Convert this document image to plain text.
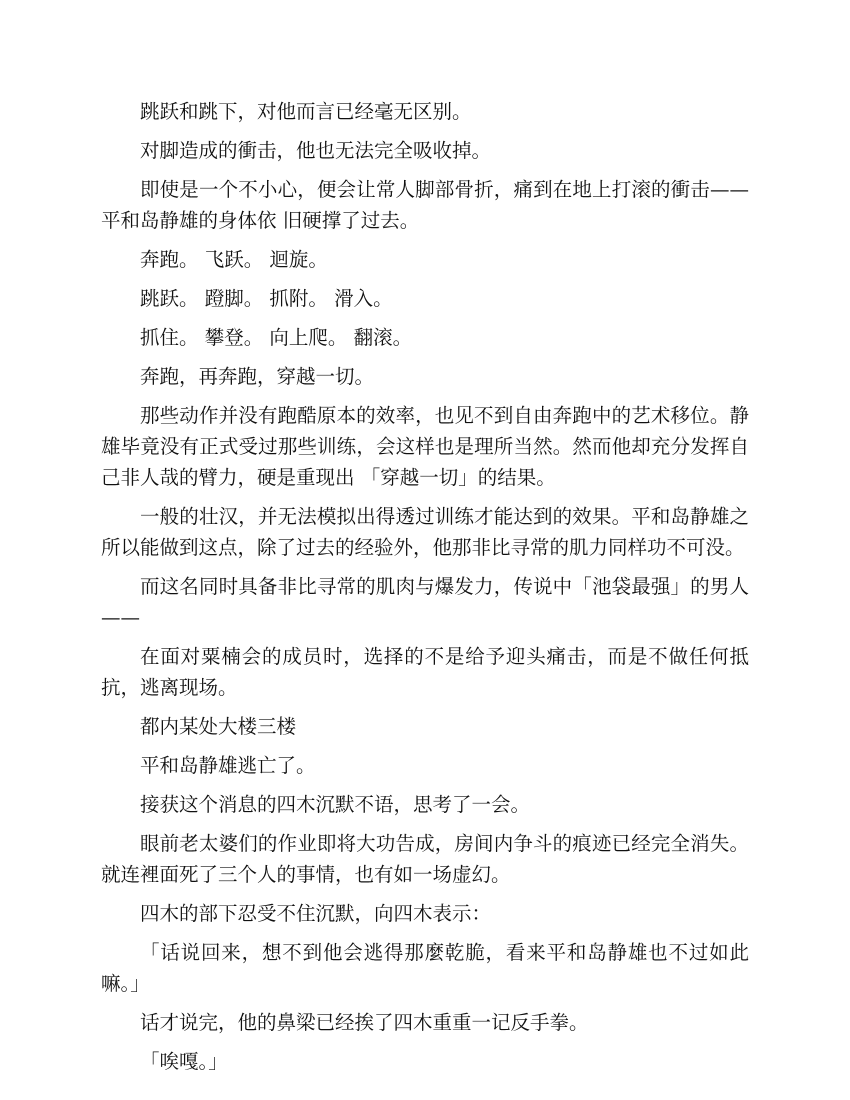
跳跃和跳下，对他而言已经毫无区别。

对脚造成的衝击，他也无法完全吸收掉。

即使是一个不小心，便会让常人脚部骨折，痛到在地上打滚的衝击——平和岛静雄的身体依 旧硬撑了过去。

奔跑。 飞跃。 迴旋。

跳跃。 蹬脚。 抓附。 滑入。

抓住。 攀登。 向上爬。 翻滚。

奔跑，再奔跑，穿越一切。

那些动作并没有跑酷原本的效率，也见不到自由奔跑中的艺术移位。静雄毕竟没有正式受过那些训练，会这样也是理所当然。然而他却充分发挥自己非人哉的臂力，硬是重现出 「穿越一切」的结果。

一般的壮汉，并无法模拟出得透过训练才能达到的效果。平和岛静雄之所以能做到这点，除了过去的经验外，他那非比寻常的肌力同样功不可没。

而这名同时具备非比寻常的肌肉与爆发力，传说中「池袋最强」的男人——

在面对粟楠会的成员时，选择的不是给予迎头痛击，而是不做任何抵抗，逃离现场。

都内某处大楼三楼

平和岛静雄逃亡了。

接获这个消息的四木沉默不语，思考了一会。

眼前老太婆们的作业即将大功告成，房间内争斗的痕迹已经完全消失。就连裡面死了三个人的事情，也有如一场虚幻。

四木的部下忍受不住沉默，向四木表示：

「话说回来，想不到他会逃得那麼乾脆，看来平和岛静雄也不过如此嘛。」

话才说完，他的鼻梁已经挨了四木重重一记反手拳。

「唉嘎。」
